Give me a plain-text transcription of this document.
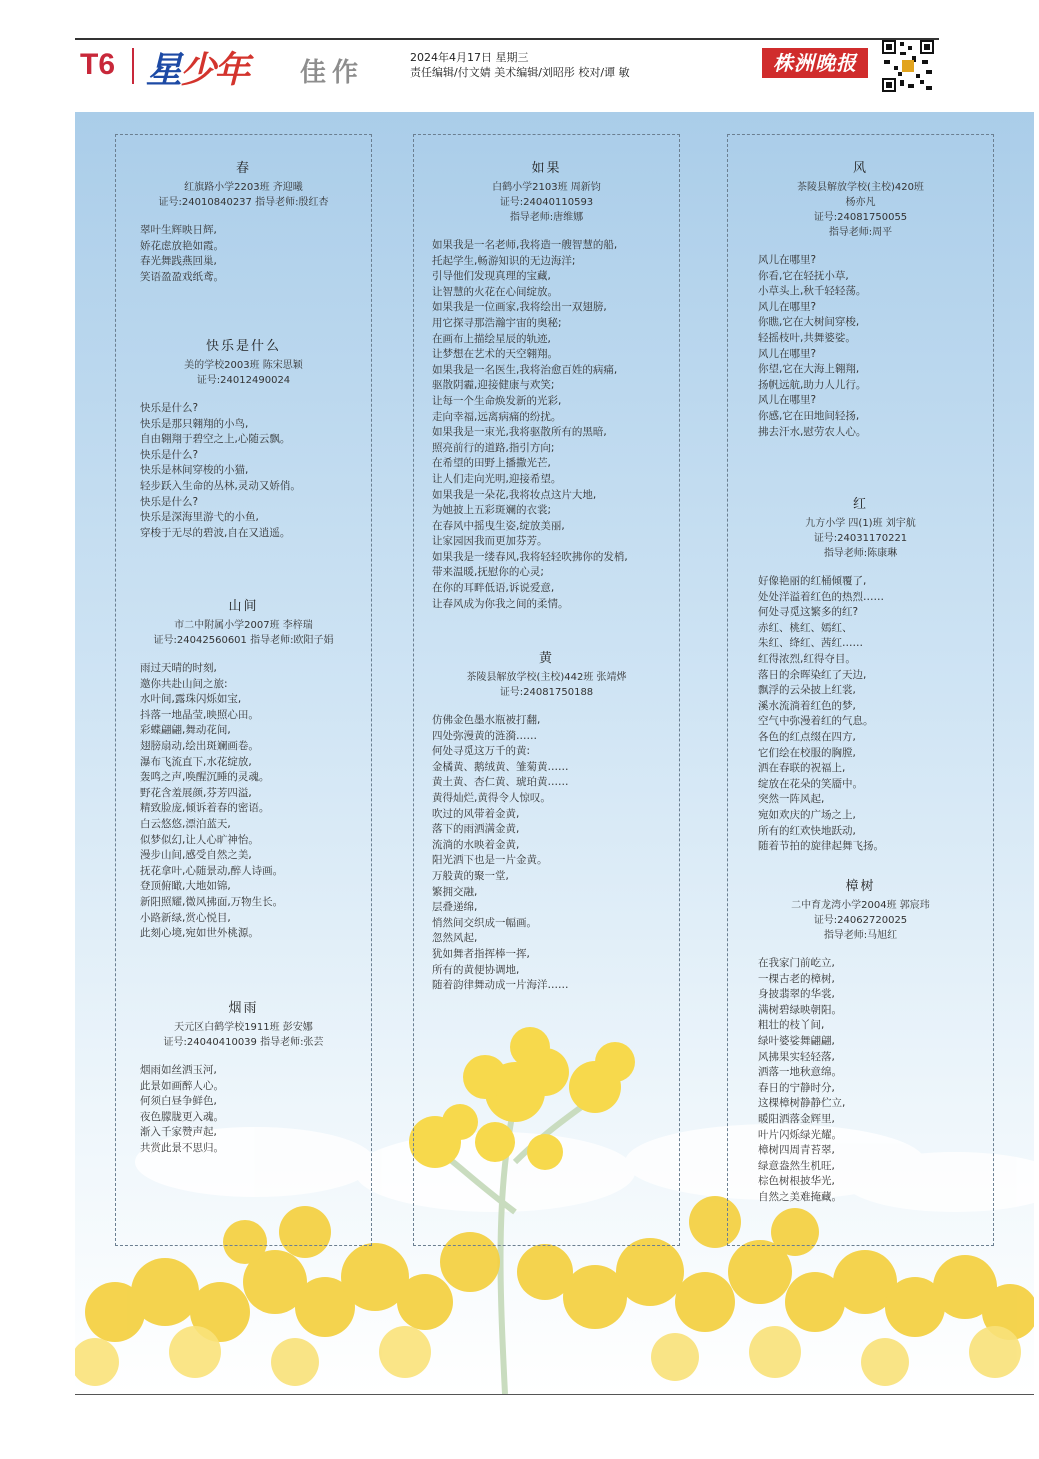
T6 星少年 佳作
2024年4月17日 星期三
责任编辑/付文婧 美术编辑/刘昭彤 校对/谭 敏	株洲晚报
春
红旗路小学2203班 齐迎曦
证号:24010840237 指导老师:殷红杏
翠叶生辉映日辉,
娇花虑放艳如霞。
春光舞践燕回巢,
笑语盈盈戏纸鸢。
快乐是什么
美的学校2003班 陈宋思颖
证号:24012490024
快乐是什么?
快乐是那只翱翔的小鸟,
自由翱翔于碧空之上,心随云飘。
快乐是什么?
快乐是林间穿梭的小猫,
轻步跃入生命的丛林,灵动又娇俏。
快乐是什么?
快乐是深海里游弋的小鱼,
穿梭于无尽的碧波,自在又逍遥。
山间
市二中附属小学2007班 李梓瑞
证号:24042560601 指导老师:欧阳子娟
雨过天晴的时刻,
邀你共赴山间之旅:
水叶间,露珠闪烁如宝,
抖落一地晶莹,映照心田。
彩蝶翩翩,舞动花间,
翅膀扇动,绘出斑斓画卷。
瀑布飞流直下,水花绽放,
轰鸣之声,唤醒沉睡的灵魂。
野花含羞展颜,芬芳四溢,
精致脸庞,倾诉着春的密语。
白云悠悠,漂泊蓝天,
似梦似幻,让人心旷神怡。
漫步山间,感受自然之美,
抚花拿叶,心随景动,醉人诗画。
登顶俯瞰,大地如锦,
新阳照耀,微风拂面,万物生长。
小路新绿,赏心悦目,
此刻心境,宛如世外桃源。
烟雨
天元区白鹤学校1911班 彭安娜
证号:24040410039 指导老师:张芸
烟雨如丝洒玉河,
此景如画醉人心。
何须白昼争鲜色,
夜色朦胧更入魂。
渐入千家赞声起,
共赏此景不思归。
如果
白鹤小学2103班 周新钧
证号:24040110593
指导老师:唐维娜
如果我是一名老师,我将造一艘智慧的船,
托起学生,畅游知识的无边海洋;
引导他们发现真理的宝藏,
让智慧的火花在心间绽放。
如果我是一位画家,我将绘出一双翅膀,
用它探寻那浩瀚宇宙的奥秘;
在画布上描绘星辰的轨迹,
让梦想在艺术的天空翱翔。
如果我是一名医生,我将治愈百姓的病痛,
驱散阴霾,迎接健康与欢笑;
让每一个生命焕发新的光彩,
走向幸福,远离病痛的纷扰。
如果我是一束光,我将驱散所有的黑暗,
照亮前行的道路,指引方向;
在希望的田野上播撒光芒,
让人们走向光明,迎接希望。
如果我是一朵花,我将妆点这片大地,
为她披上五彩斑斓的衣裳;
在春风中摇曳生姿,绽放美丽,
让家园因我而更加芬芳。
如果我是一缕春风,我将轻轻吹拂你的发梢,
带来温暖,抚慰你的心灵;
在你的耳畔低语,诉说爱意,
让春风成为你我之间的柔情。
黄
茶陵县解放学校(主校)442班 张靖烨
证号:24081750188
仿佛金色墨水瓶被打翻,
四处弥漫黄的涟漪……
何处寻觅这万千的黄:
金橘黄、鹅绒黄、雏菊黄……
黄土黄、杏仁黄、琥珀黄……
黄得灿烂,黄得令人惊叹。
吹过的风带着金黄,
落下的雨洒满金黄,
流淌的水映着金黄,
阳光洒下也是一片金黄。
万般黄的聚一堂,
繁拥交融,
层叠递绵,
悄然间交织成一幅画。
忽然风起,
犹如舞者指挥棒一挥,
所有的黄便协调地,
随着韵律舞动成一片海洋……
风
茶陵县解放学校(主校)420班
杨亦凡
证号:24081750055
指导老师:周平
风儿在哪里?
你看,它在轻抚小草,
小草头上,秋千轻轻荡。
风儿在哪里?
你瞧,它在大树间穿梭,
轻摇枝叶,共舞婆娑。
风儿在哪里?
你望,它在大海上翱翔,
扬帆远航,助力人儿行。
风儿在哪里?
你感,它在田地间轻扬,
拂去汗水,慰劳农人心。
红
九方小学 四(1)班 刘宇航
证号:24031170221
指导老师:陈康琳
好像艳丽的红桶倾覆了,
处处洋溢着红色的热烈……
何处寻觅这繁多的红?
赤红、桃红、嫣红、
朱红、绛红、茜红……
红得浓烈,红得夺目。
落日的余晖染红了天边,
飘浮的云朵披上红裳,
溪水流淌着红色的梦,
空气中弥漫着红的气息。
各色的红点缀在四方,
它们绘在校服的胸膛,
洒在春联的祝福上,
绽放在花朵的笑靥中。
突然一阵风起,
宛如欢庆的广场之上,
所有的红欢快地跃动,
随着节拍的旋律起舞飞扬。
樟树
二中育龙湾小学2004班 郭宸玮
证号:24062720025
指导老师:马旭红
在我家门前屹立,
一棵古老的樟树,
身披翡翠的华裳,
满树碧绿映朝阳。
粗壮的枝丫间,
绿叶婆娑舞翩翩,
风拂果实轻轻落,
洒落一地秋意绵。
春日的宁静时分,
这棵樟树静静伫立,
暖阳洒落金辉里,
叶片闪烁绿光耀。
樟树四周青苔翠,
绿意盎然生机旺,
棕色树根披华光,
自然之美难掩藏。
